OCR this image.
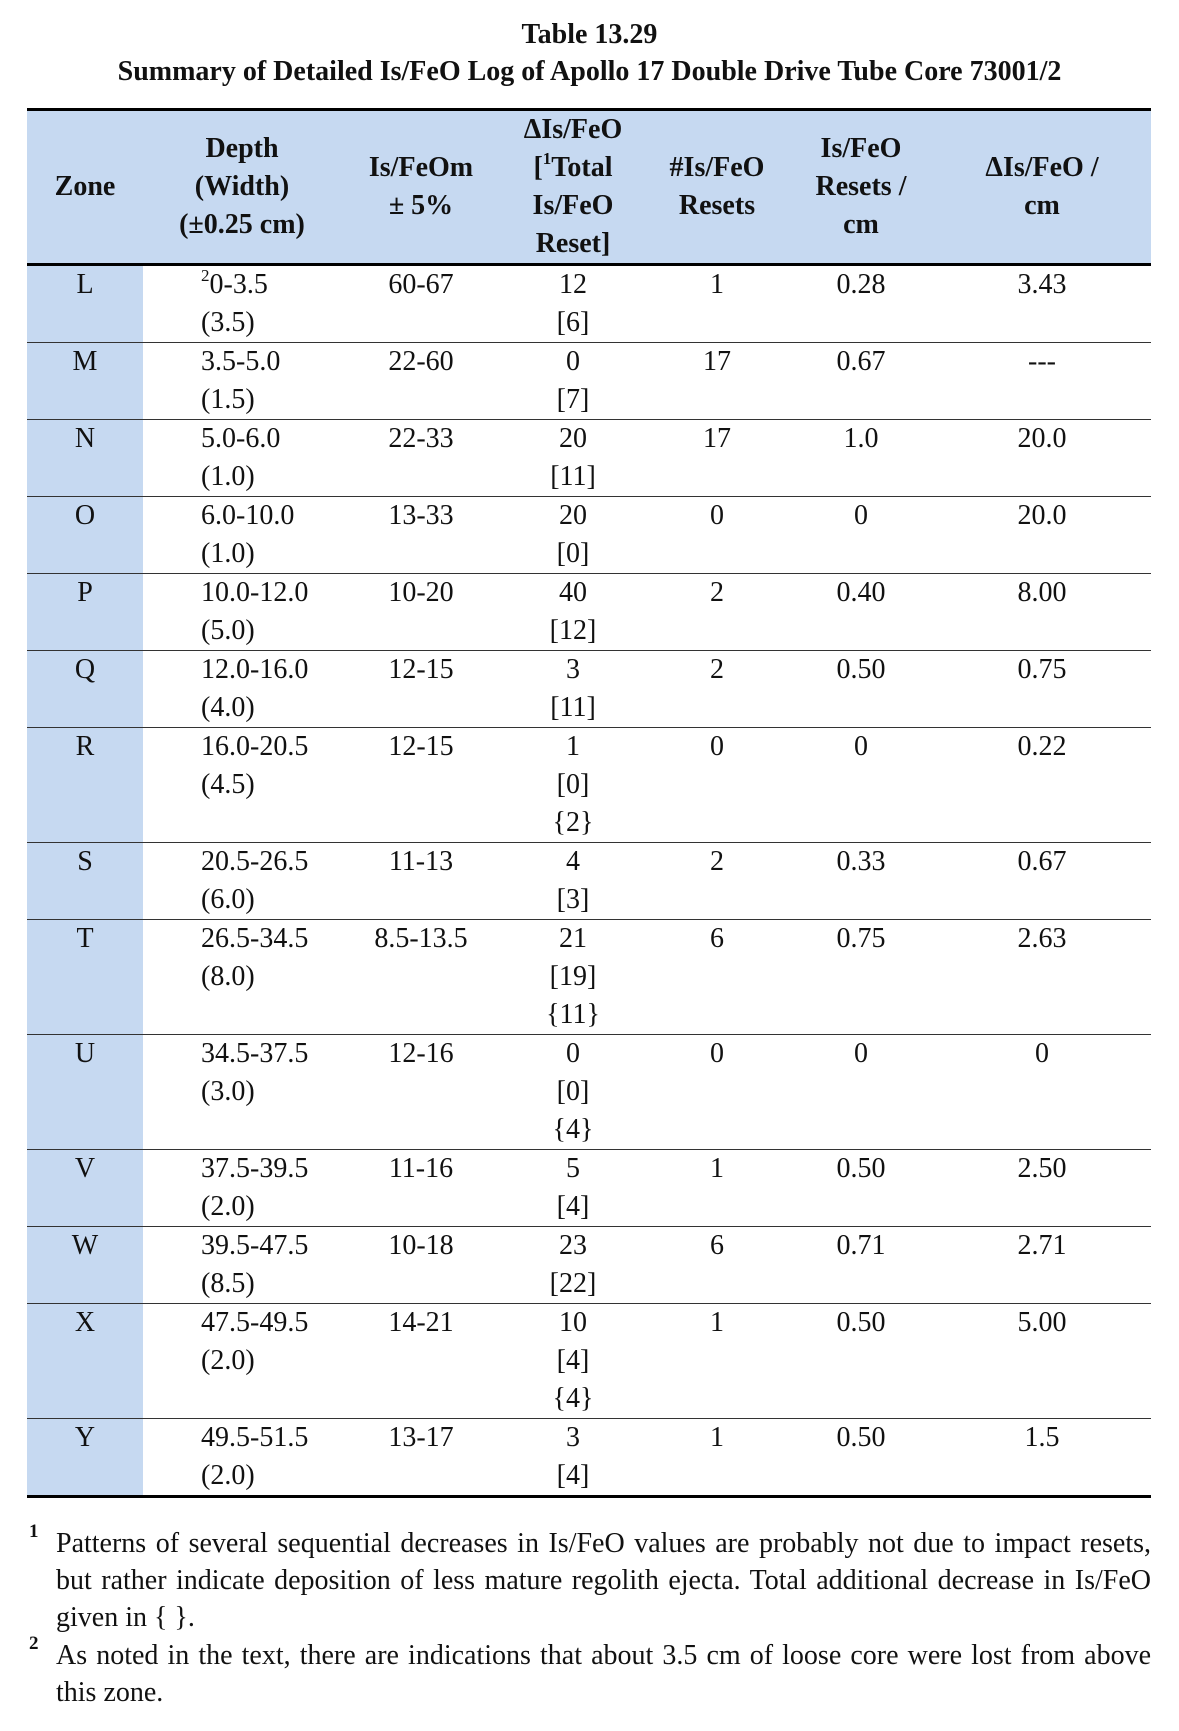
Table 13.29
Summary of Detailed Is/FeO Log of Apollo 17 Double Drive Tube Core 73001/2
Zone	Depth
(Width)
(±0.25 cm)	Is/FeOm
± 5%	ΔIs/FeO
[$^1$Total
Is/FeO
Reset]	#Is/FeO
Resets	Is/FeO
Resets /
cm	ΔIs/FeO /
cm
L	$^2$0-3.5
(3.5)	60-67	12
[6]	1	0.28	3.43
M	3.5-5.0
(1.5)	22-60	0
[7]	17	0.67	---
N	5.0-6.0
(1.0)	22-33	20
[11]	17	1.0	20.0
O	6.0-10.0
(1.0)	13-33	20
[0]	0	0	20.0
P	10.0-12.0
(5.0)	10-20	40
[12]	2	0.40	8.00
Q	12.0-16.0
(4.0)	12-15	3
[11]	2	0.50	0.75
R	16.0-20.5
(4.5)	12-15	1
[0]
{2}	0	0	0.22
S	20.5-26.5
(6.0)	11-13	4
[3]	2	0.33	0.67
T	26.5-34.5
(8.0)	8.5-13.5	21
[19]
{11}	6	0.75	2.63
U	34.5-37.5
(3.0)	12-16	0
[0]
{4}	0	0	0
V	37.5-39.5
(2.0)	11-16	5
[4]	1	0.50	2.50
W	39.5-47.5
(8.5)	10-18	23
[22]	6	0.71	2.71
X	47.5-49.5
(2.0)	14-21	10
[4]
{4}	1	0.50	5.00
Y	49.5-51.5
(2.0)	13-17	3
[4]	1	0.50	1.5
1 Patterns of several sequential decreases in Is/FeO values are probably not due to impact resets, but rather indicate deposition of less mature regolith ejecta. Total additional decrease in Is/FeO given in { }.
2 As noted in the text, there are indications that about 3.5 cm of loose core were lost from above this zone.
